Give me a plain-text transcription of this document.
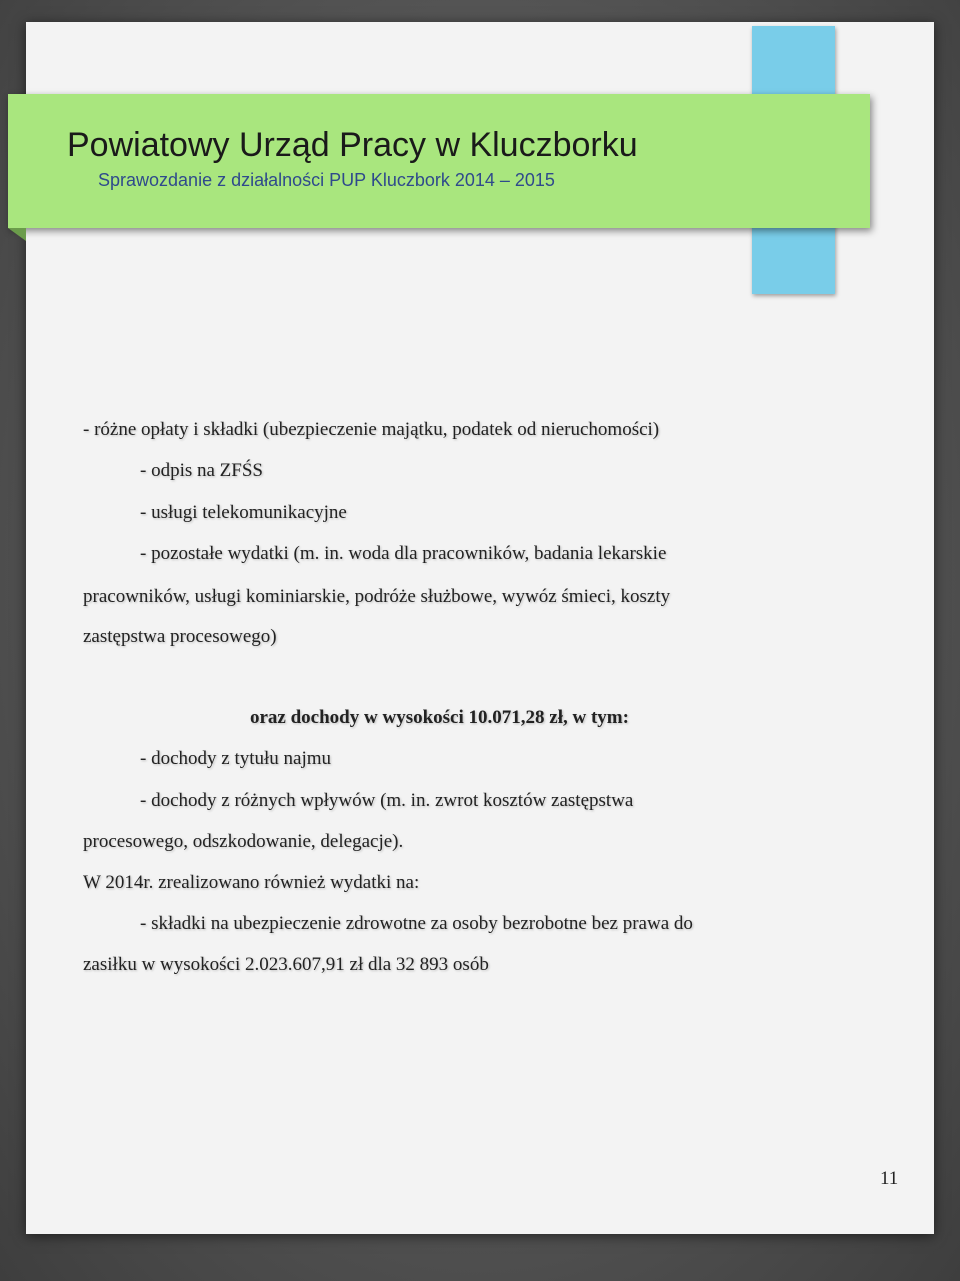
Powiatowy Urząd Pracy w Kluczborku
Sprawozdanie z działalności PUP Kluczbork 2014 – 2015
- różne opłaty i składki (ubezpieczenie majątku, podatek od nieruchomości)
- odpis na ZFŚS
- usługi telekomunikacyjne
- pozostałe wydatki (m. in. woda dla pracowników, badania lekarskie
pracowników, usługi kominiarskie, podróże służbowe, wywóz śmieci, koszty
zastępstwa procesowego)
oraz dochody w wysokości 10.071,28 zł, w tym:
- dochody z tytułu najmu
- dochody z różnych wpływów (m. in. zwrot kosztów zastępstwa
procesowego, odszkodowanie, delegacje).
W 2014r. zrealizowano również wydatki na:
- składki na ubezpieczenie zdrowotne za osoby bezrobotne bez prawa do
zasiłku w wysokości 2.023.607,91 zł dla 32 893 osób
11
